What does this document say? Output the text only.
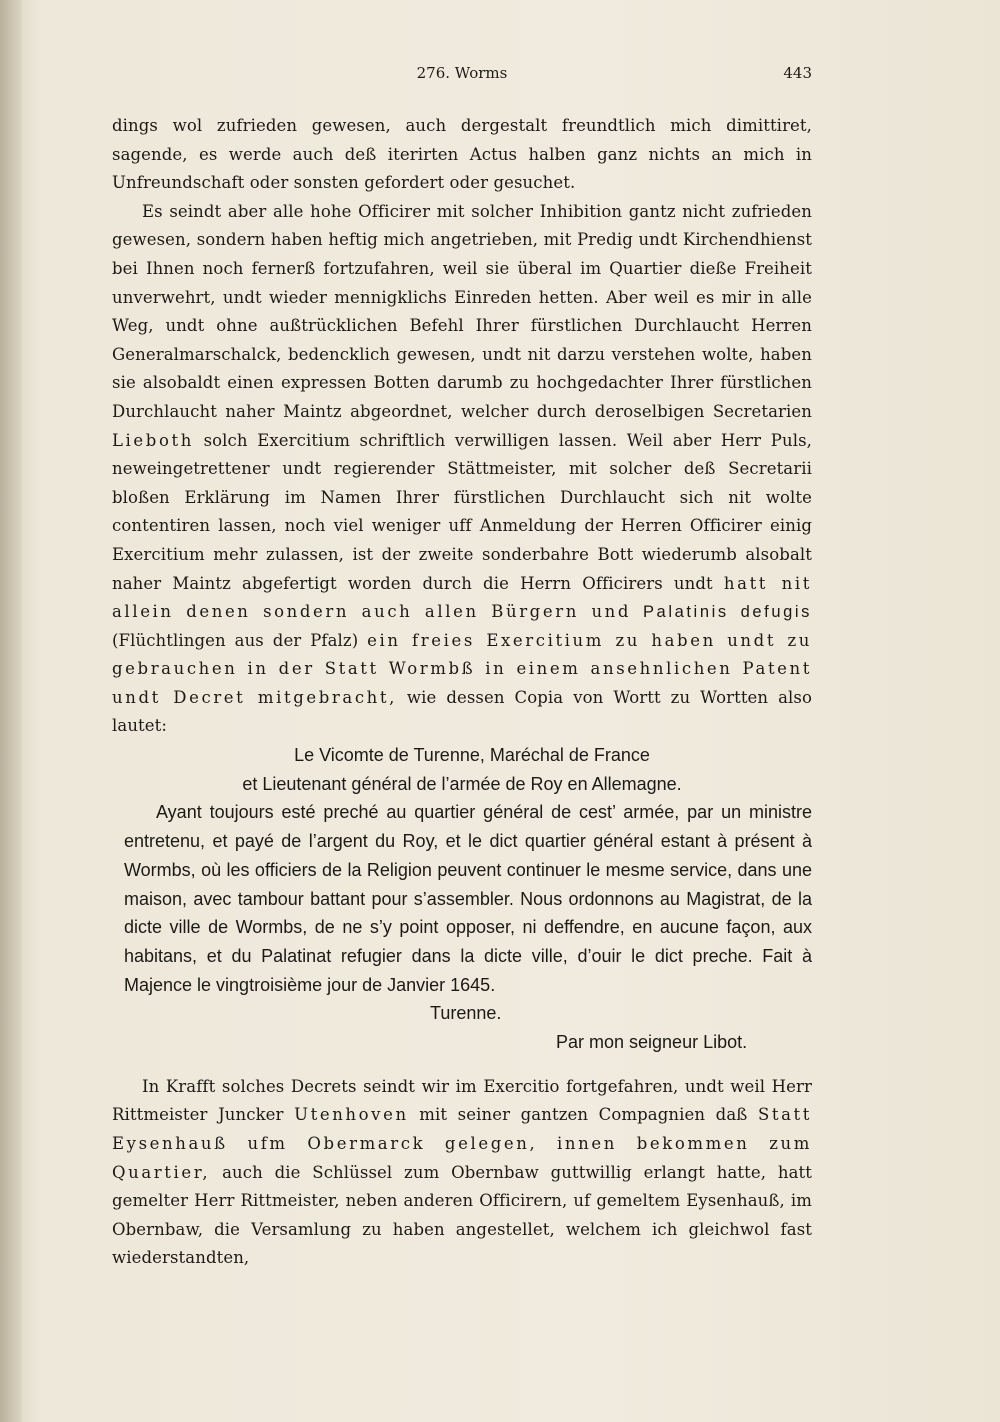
276. Worms	443

dings wol zufrieden gewesen, auch dergestalt freundtlich mich dimittiret, sagende, es werde auch deß iterirten Actus halben ganz nichts an mich in Unfreundschaft oder sonsten gefordert oder gesuchet.

Es seindt aber alle hohe Officirer mit solcher Inhibition gantz nicht zufrieden gewesen, sondern haben heftig mich angetrieben, mit Predig undt Kirchendhienst bei Ihnen noch fernerß fortzufahren, weil sie überal im Quartier dieße Freiheit unverwehrt, undt wieder mennigklichs Einreden hetten. Aber weil es mir in alle Weg, undt ohne außtrücklichen Befehl Ihrer fürstlichen Durchlaucht Herren Generalmarschalck, bedencklich gewesen, undt nit darzu verstehen wolte, haben sie alsobaldt einen expressen Botten darumb zu hochgedachter Ihrer fürstlichen Durchlaucht naher Maintz abgeordnet, welcher durch deroselbigen Secretarien Lieboth solch Exercitium schriftlich verwilligen lassen. Weil aber Herr Puls, neweingetrettener undt regierender Stättmeister, mit solcher deß Secretarii bloßen Erklärung im Namen Ihrer fürstlichen Durchlaucht sich nit wolte contentiren lassen, noch viel weniger uff Anmeldung der Herren Officirer einig Exercitium mehr zulassen, ist der zweite sonderbahre Bott wiederumb alsobalt naher Maintz abgefertigt worden durch die Herrn Officirers undt hatt nit allein denen sondern auch allen Bürgern und Palatinis defugis (Flüchtlingen aus der Pfalz) ein freies Exercitium zu haben undt zu gebrauchen in der Statt Wormbß in einem ansehnlichen Patent undt Decret mitgebracht, wie dessen Copia von Wortt zu Wortten also lautet:

Le Vicomte de Turenne, Maréchal de France
et Lieutenant général de l’armée de Roy en Allemagne.

Ayant toujours esté preché au quartier général de cest’ armée, par un ministre entretenu, et payé de l’argent du Roy, et le dict quartier général estant à présent à Wormbs, où les officiers de la Religion peuvent continuer le mesme service, dans une maison, avec tambour battant pour s’assembler. Nous ordonnons au Magistrat, de la dicte ville de Wormbs, de ne s’y point opposer, ni deffendre, en aucune façon, aux habitans, et du Palatinat refugier dans la dicte ville, d’ouir le dict preche. Fait à Majence le vingtroisième jour de Janvier 1645.

Turenne.
Par mon seigneur Libot.

In Krafft solches Decrets seindt wir im Exercitio fortgefahren, undt weil Herr Rittmeister Juncker Utenhoven mit seiner gantzen Compagnien daß Statt Eysenhauß ufm Obermarck gelegen, innen bekommen zum Quartier, auch die Schlüssel zum Obernbaw guttwillig erlangt hatte, hatt gemelter Herr Rittmeister, neben anderen Officirern, uf gemeltem Eysenhauß, im Obernbaw, die Versamlung zu haben angestellet, welchem ich gleichwol fast wiederstandten,
